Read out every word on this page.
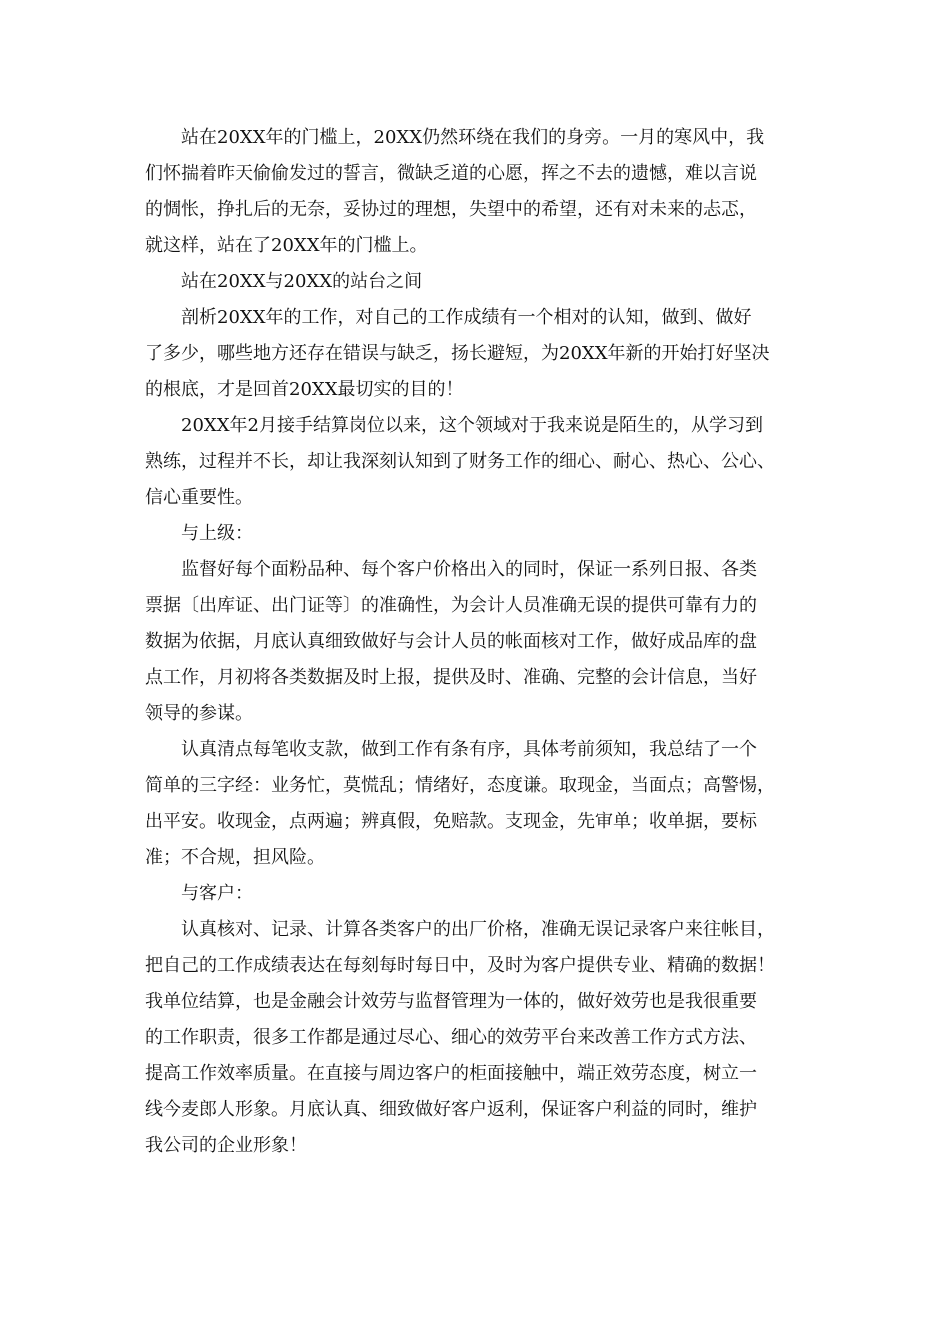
站在20XX年的门槛上，20XX仍然环绕在我们的身旁。一月的寒风中，我
们怀揣着昨天偷偷发过的誓言，微缺乏道的心愿，挥之不去的遗憾，难以言说
的惆怅，挣扎后的无奈，妥协过的理想，失望中的希望，还有对未来的忐忑，
就这样，站在了20XX年的门槛上。

站在20XX与20XX的站台之间

剖析20XX年的工作，对自己的工作成绩有一个相对的认知，做到、做好
了多少，哪些地方还存在错误与缺乏，扬长避短，为20XX年新的开始打好坚决
的根底，才是回首20XX最切实的目的！

20XX年2月接手结算岗位以来，这个领域对于我来说是陌生的，从学习到
熟练，过程并不长，却让我深刻认知到了财务工作的细心、耐心、热心、公心、
信心重要性。

与上级：

监督好每个面粉品种、每个客户价格出入的同时，保证一系列日报、各类
票据〔出库证、出门证等〕的准确性，为会计人员准确无误的提供可靠有力的
数据为依据，月底认真细致做好与会计人员的帐面核对工作，做好成品库的盘
点工作，月初将各类数据及时上报，提供及时、准确、完整的会计信息，当好
领导的参谋。

认真清点每笔收支款，做到工作有条有序，具体考前须知，我总结了一个
简单的三字经：业务忙，莫慌乱；情绪好，态度谦。取现金，当面点；高警惕，
出平安。收现金，点两遍；辨真假，免赔款。支现金，先审单；收单据，要标
准；不合规，担风险。

与客户：

认真核对、记录、计算各类客户的出厂价格，准确无误记录客户来往帐目，
把自己的工作成绩表达在每刻每时每日中，及时为客户提供专业、精确的数据！
我单位结算，也是金融会计效劳与监督管理为一体的，做好效劳也是我很重要
的工作职责，很多工作都是通过尽心、细心的效劳平台来改善工作方式方法、
提高工作效率质量。在直接与周边客户的柜面接触中，端正效劳态度，树立一
线今麦郎人形象。月底认真、细致做好客户返利，保证客户利益的同时，维护
我公司的企业形象！
